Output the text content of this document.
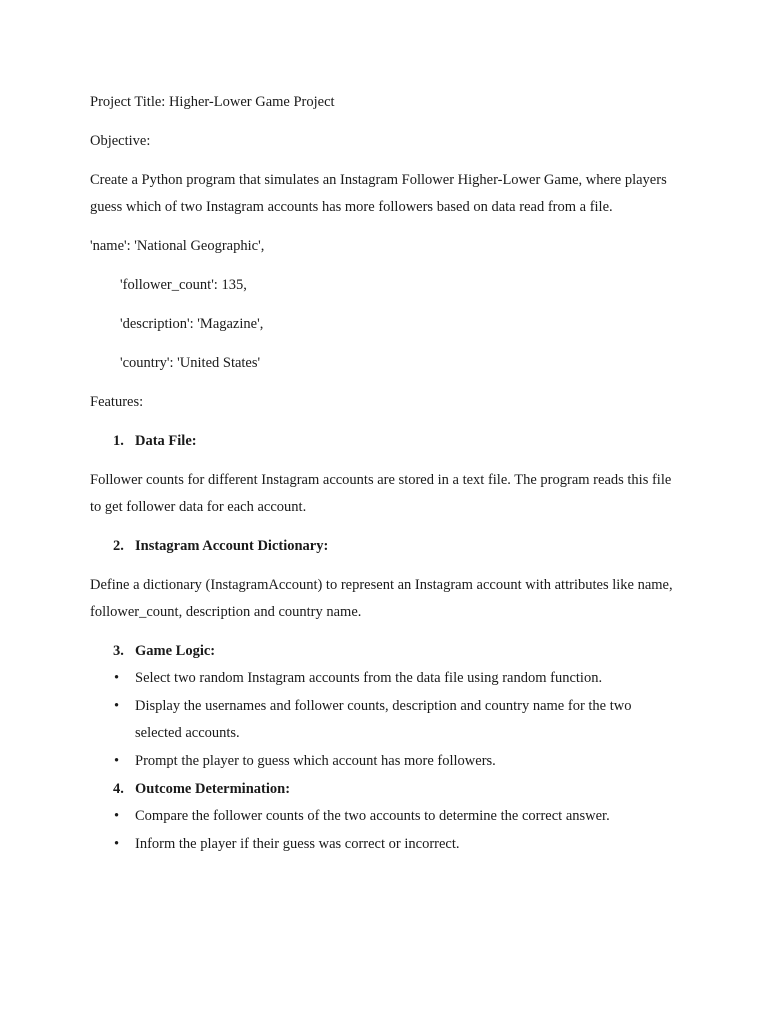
Project Title: Higher-Lower Game Project

Objective:

Create a Python program that simulates an Instagram Follower Higher-Lower Game, where players guess which of two Instagram accounts has more followers based on data read from a file.

'name': 'National Geographic',

'follower_count': 135,

'description': 'Magazine',

'country': 'United States'

Features:

1. Data File:

Follower counts for different Instagram accounts are stored in a text file. The program reads this file to get follower data for each account.

2. Instagram Account Dictionary:

Define a dictionary (InstagramAccount) to represent an Instagram account with attributes like name, follower_count, description and country name.

3. Game Logic:
• Select two random Instagram accounts from the data file using random function.
• Display the usernames and follower counts, description and country name for the two selected accounts.
• Prompt the player to guess which account has more followers.
4. Outcome Determination:
• Compare the follower counts of the two accounts to determine the correct answer.
• Inform the player if their guess was correct or incorrect.
